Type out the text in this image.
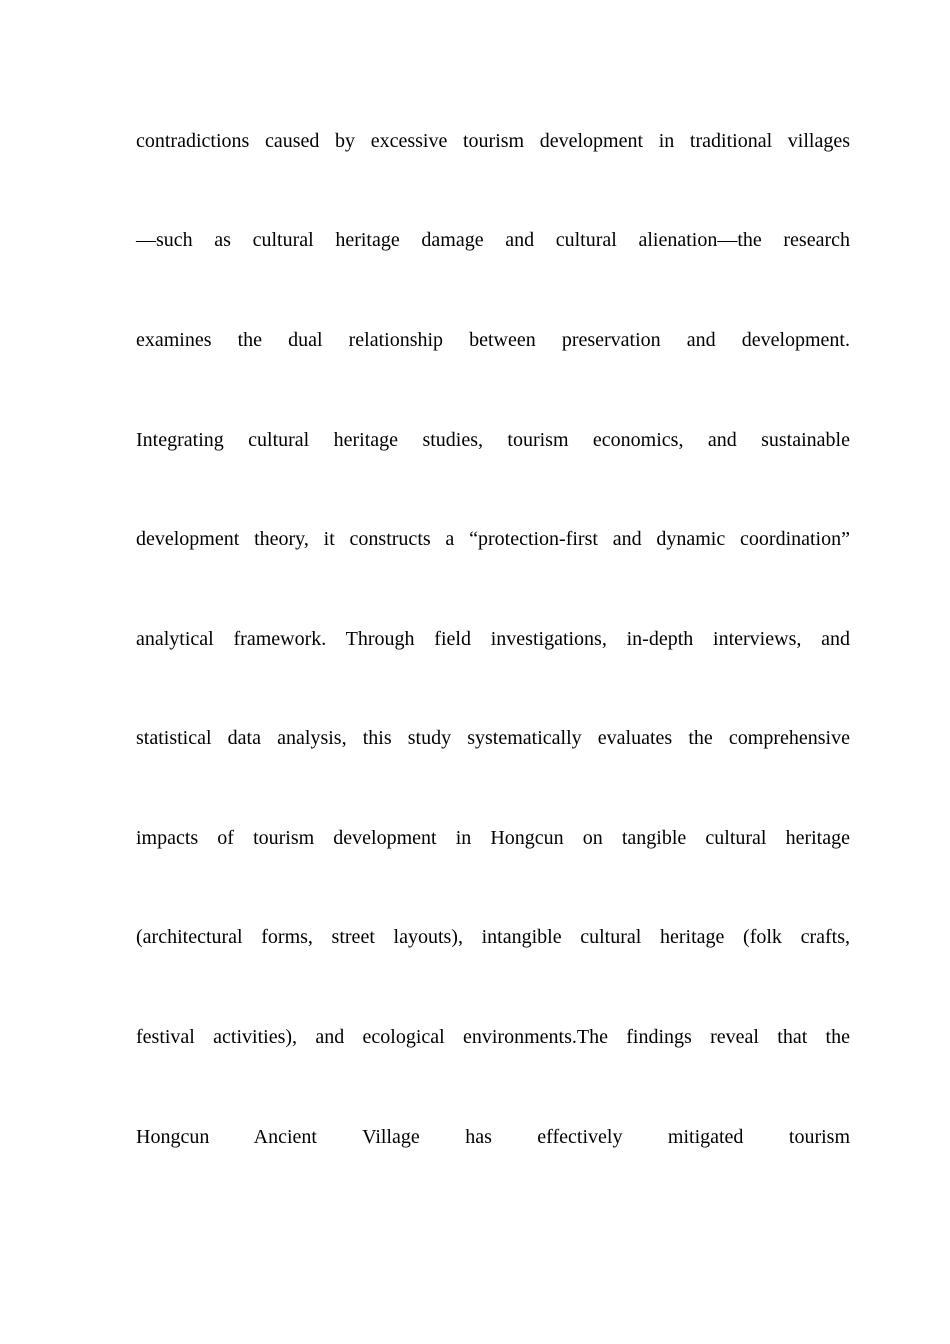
contradictions caused by excessive tourism development in traditional villages
—such as cultural heritage damage and cultural alienation—the research
examines the dual relationship between preservation and development.
Integrating cultural heritage studies, tourism economics, and sustainable
development theory, it constructs a “protection-first and dynamic coordination”
analytical framework. Through field investigations, in-depth interviews, and
statistical data analysis, this study systematically evaluates the comprehensive
impacts of tourism development in Hongcun on tangible cultural heritage
(architectural forms, street layouts), intangible cultural heritage (folk crafts,
festival activities), and ecological environments.The findings reveal that the
Hongcun Ancient Village has effectively mitigated tourism
